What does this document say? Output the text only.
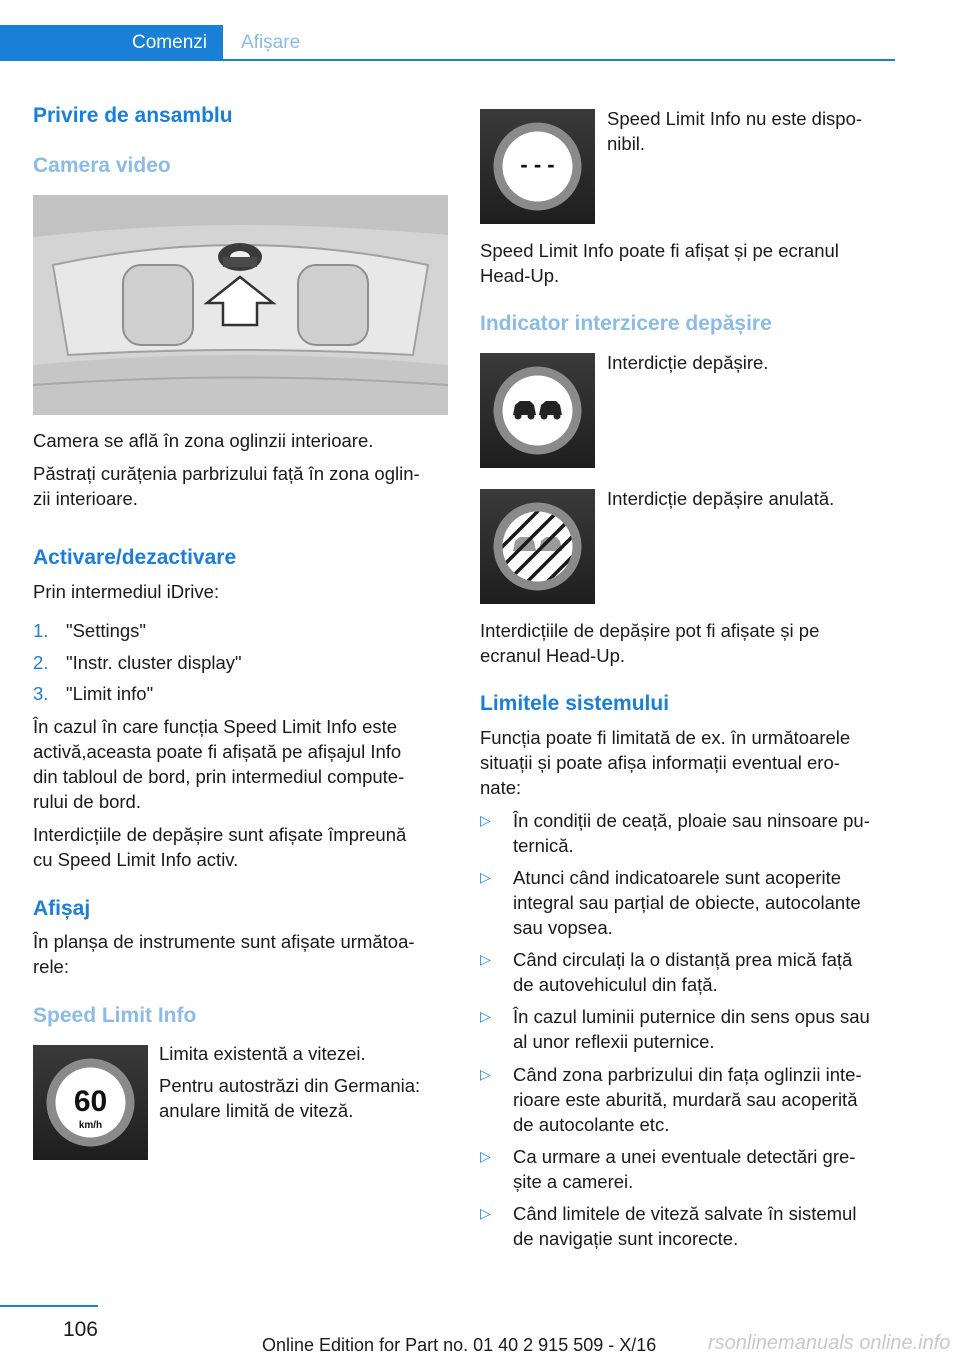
Comenzi	Afișare
Privire de ansamblu
Camera video
Camera se află în zona oglinzii interioare.
Păstrați curățenia parbrizului față în zona oglin‐
zii interioare.
Activare/dezactivare
Prin intermediul iDrive:
1. "Settings"
2. "Instr. cluster display"
3. "Limit info"
În cazul în care funcția Speed Limit Info este
activă,aceasta poate fi afișată pe afișajul Info
din tabloul de bord, prin intermediul compute‐
rului de bord.
Interdicțiile de depășire sunt afișate împreună
cu Speed Limit Info activ.
Afișaj
În planșa de instrumente sunt afișate următoa‐
rele:
Speed Limit Info
60
km/h
Limita existentă a vitezei.
Pentru autostrăzi din Germania:
anulare limită de viteză.
- - -
Speed Limit Info nu este dispo‐
nibil.
Speed Limit Info poate fi afișat și pe ecranul
Head-Up.
Indicator interzicere depășire
Interdicție depășire.
Interdicție depășire anulată.
Interdicțiile de depășire pot fi afișate și pe
ecranul Head-Up.
Limitele sistemului
Funcția poate fi limitată de ex. în următoarele
situații și poate afișa informații eventual ero‐
nate:
▷ În condiții de ceață, ploaie sau ninsoare pu‐
ternică.
▷ Atunci când indicatoarele sunt acoperite
integral sau parțial de obiecte, autocolante
sau vopsea.
▷ Când circulați la o distanță prea mică față
de autovehiculul din față.
▷ În cazul luminii puternice din sens opus sau
al unor reflexii puternice.
▷ Când zona parbrizului din fața oglinzii inte‐
rioare este aburită, murdară sau acoperită
de autocolante etc.
▷ Ca urmare a unei eventuale detectări gre‐
șite a camerei.
▷ Când limitele de viteză salvate în sistemul
de navigație sunt incorecte.
106
rsonlinemanuals online.info
Online Edition for Part no. 01 40 2 915 509 - X/16
